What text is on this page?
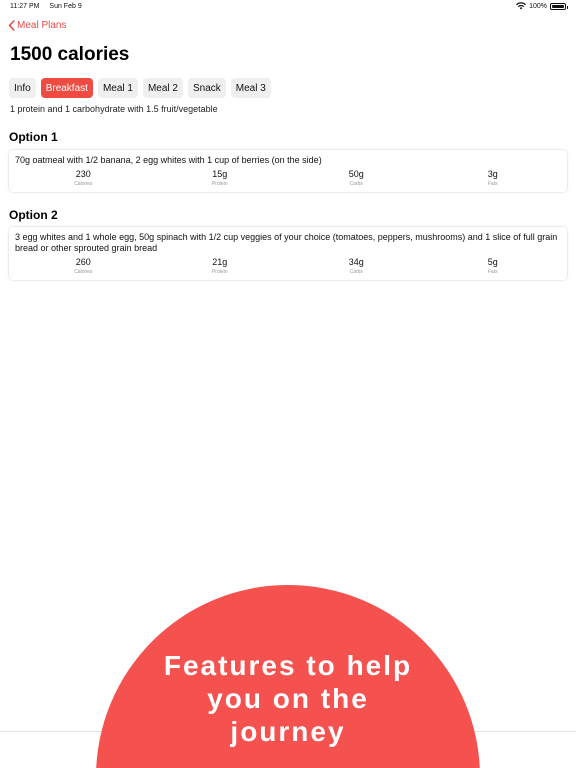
11:27 PM Sun Feb 9	100%
Meal Plans
1500 calories
Info	Breakfast	Meal 1	Meal 2	Snack	Meal 3
1 protein and 1 carbohydrate with 1.5 fruit/vegetable
Option 1
70g oatmeal with 1/2 banana, 2 egg whites with 1 cup of berries (on the side)
230
Calories
15g
Protein
50g
Carbs
3g
Fats
Option 2
3 egg whites and 1 whole egg, 50g spinach with 1/2 cup veggies of your choice (tomatoes, peppers, mushrooms) and 1 slice of full grain bread or other sprouted grain bread
260
Calories
21g
Protein
34g
Carbs
5g
Fats
Features to help
you on the
journey
